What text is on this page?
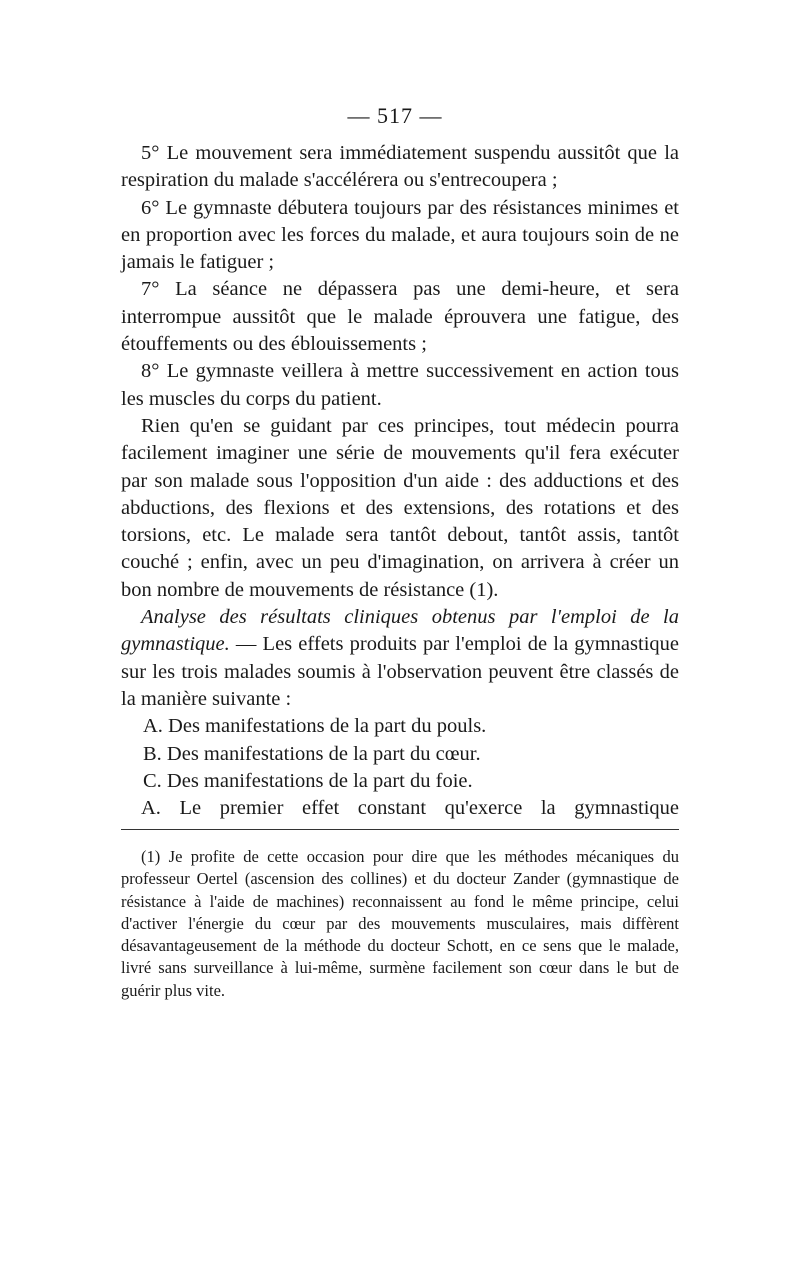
— 517 —

5° Le mouvement sera immédiatement suspendu aussitôt que la respiration du malade s'accélérera ou s'entrecoupera ;

6° Le gymnaste débutera toujours par des résistances minimes et en proportion avec les forces du malade, et aura toujours soin de ne jamais le fatiguer ;

7° La séance ne dépassera pas une demi-heure, et sera interrompue aussitôt que le malade éprouvera une fatigue, des étouffements ou des éblouissements ;

8° Le gymnaste veillera à mettre successivement en action tous les muscles du corps du patient.

Rien qu'en se guidant par ces principes, tout médecin pourra facilement imaginer une série de mouvements qu'il fera exécuter par son malade sous l'opposition d'un aide : des adductions et des abductions, des flexions et des extensions, des rotations et des torsions, etc. Le malade sera tantôt debout, tantôt assis, tantôt couché ; enfin, avec un peu d'imagination, on arrivera à créer un bon nombre de mouvements de résistance (1).

Analyse des résultats cliniques obtenus par l'emploi de la gymnastique. — Les effets produits par l'emploi de la gymnastique sur les trois malades soumis à l'observation peuvent être classés de la manière suivante :

A. Des manifestations de la part du pouls.

B. Des manifestations de la part du cœur.

C. Des manifestations de la part du foie.

A. Le premier effet constant qu'exerce la gymnastique

(1) Je profite de cette occasion pour dire que les méthodes mécaniques du professeur Oertel (ascension des collines) et du docteur Zander (gymnastique de résistance à l'aide de machines) reconnaissent au fond le même principe, celui d'activer l'énergie du cœur par des mouvements musculaires, mais diffèrent désavantageusement de la méthode du docteur Schott, en ce sens que le malade, livré sans surveillance à lui-même, surmène facilement son cœur dans le but de guérir plus vite.
